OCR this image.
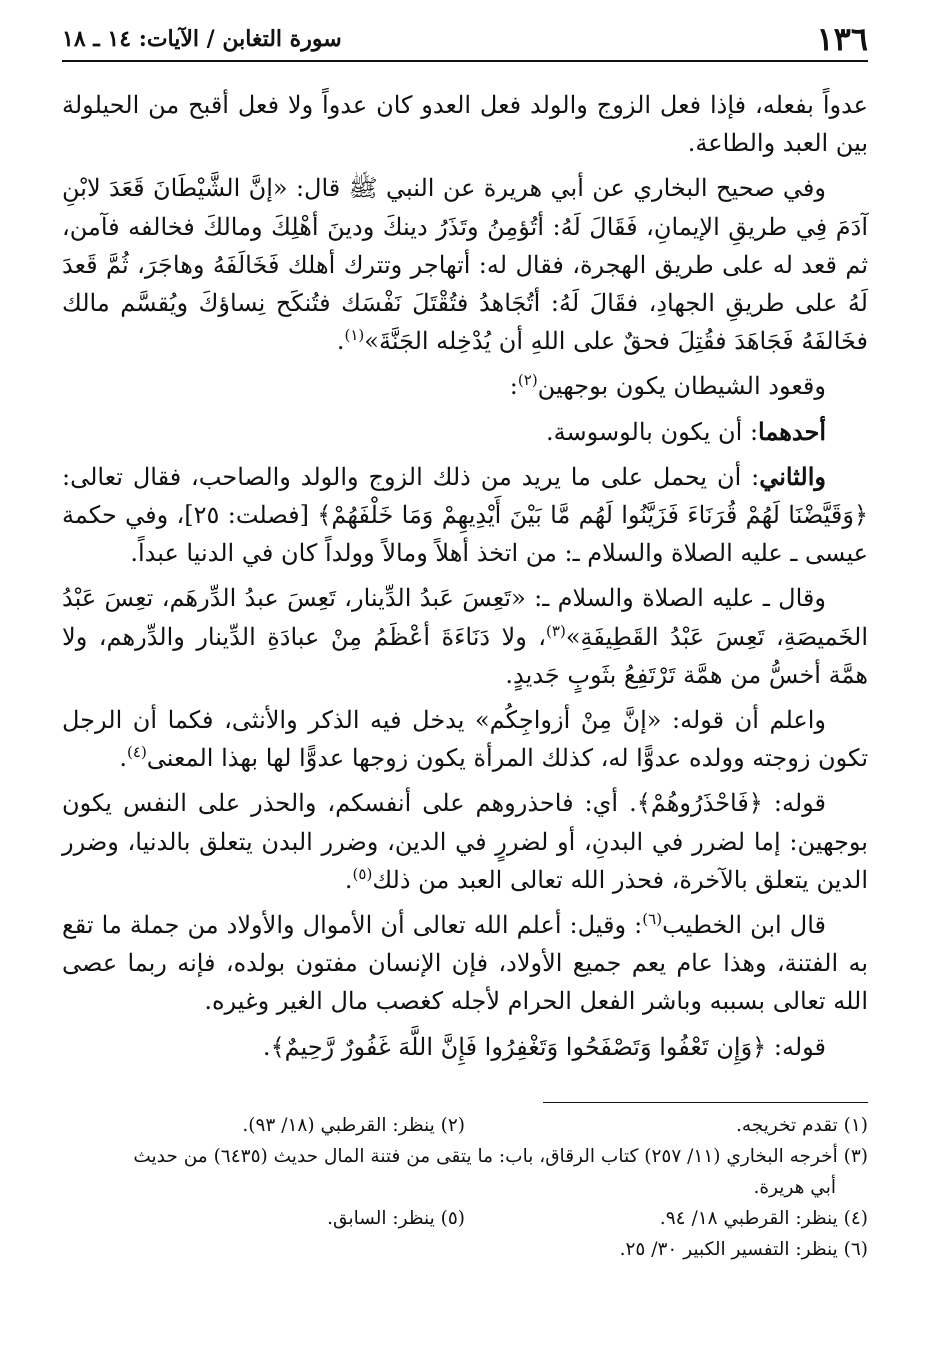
١٣٦
سورة التغابن / الآيات: ١٤ ـ ١٨

عدواً بفعله، فإذا فعل الزوج والولد فعل العدو كان عدواً ولا فعل أقبح من الحيلولة بين العبد والطاعة.

وفي صحيح البخاري عن أبي هريرة عن النبي ﷺ قال: «إنَّ الشَّيْطَانَ قَعَدَ لابْنِ آدَمَ فِي طريقِ الإيمانِ، فَقَالَ لَهُ: أتُؤمِنُ وتَذَرُ دينكَ ودينَ أهْلِكَ ومالكَ فخالفه فآمن، ثم قعد له على طريق الهجرة، فقال له: أتهاجر وتترك أهلك فَخَالَفَهُ وهاجَرَ، ثُمَّ قَعدَ لَهُ على طريقِ الجهادِ، فقَالَ لَهُ: أتُجَاهدُ فتُقْتَلَ نَفْسَك فتُنكَح نِساؤكَ ويُقسَّم مالك فخَالفَهُ فَجَاهَدَ فقُتِلَ فحقٌ على اللهِ أن يُدْخِله الجَنَّةَ»$^{(١)}$.

وقعود الشيطان يكون بوجهين$^{(٢)}$:

أحدهما: أن يكون بالوسوسة.

والثاني: أن يحمل على ما يريد من ذلك الزوج والولد والصاحب، فقال تعالى: ﴿وَقَيَّضْنَا لَهُمْ قُرَنَاءَ فَزَيَّنُوا لَهُم مَّا بَيْنَ أَيْدِيهِمْ وَمَا خَلْفَهُمْ﴾ [فصلت: ٢٥]، وفي حكمة عيسى ـ عليه الصلاة والسلام ـ: من اتخذ أهلاً ومالاً وولداً كان في الدنيا عبداً.

وقال ـ عليه الصلاة والسلام ـ: «تَعِسَ عَبدُ الدِّينار، تَعِسَ عبدُ الدِّرهَم، تعِسَ عَبْدُ الخَميصَةِ، تَعِسَ عَبْدُ القَطِيفَةِ»$^{(٣)}$، ولا دَنَاءَةَ أعْظَمُ مِنْ عبادَةِ الدِّينار والدِّرهم، ولا همَّة أخسُّ من همَّة تَرْتَفِعُ بثَوبٍ جَديدٍ.

واعلم أن قوله: «إنَّ مِنْ أزواجِكُم» يدخل فيه الذكر والأنثى، فكما أن الرجل تكون زوجته وولده عدوًّا له، كذلك المرأة يكون زوجها عدوًّا لها بهذا المعنى$^{(٤)}$.

قوله: ﴿فَاحْذَرُوهُمْ﴾. أي: فاحذروهم على أنفسكم، والحذر على النفس يكون بوجهين: إما لضرر في البدنِ، أو لضررٍ في الدين، وضرر البدن يتعلق بالدنيا، وضرر الدين يتعلق بالآخرة، فحذر الله تعالى العبد من ذلك$^{(٥)}$.

قال ابن الخطيب$^{(٦)}$: وقيل: أعلم الله تعالى أن الأموال والأولاد من جملة ما تقع به الفتنة، وهذا عام يعم جميع الأولاد، فإن الإنسان مفتون بولده، فإنه ربما عصى الله تعالى بسببه وباشر الفعل الحرام لأجله كغصب مال الغير وغيره.

قوله: ﴿وَإِن تَعْفُوا وَتَصْفَحُوا وَتَغْفِرُوا فَإِنَّ اللَّهَ غَفُورٌ رَّحِيمٌ﴾.

(١) تقدم تخريجه.
(٢) ينظر: القرطبي (١٨/ ٩٣).
(٣) أخرجه البخاري (١١/ ٢٥٧) كتاب الرقاق، باب: ما يتقى من فتنة المال حديث (٦٤٣٥) من حديث
أبي هريرة.
(٤) ينظر: القرطبي ١٨/ ٩٤.
(٥) ينظر: السابق.
(٦) ينظر: التفسير الكبير ٣٠/ ٢٥.
